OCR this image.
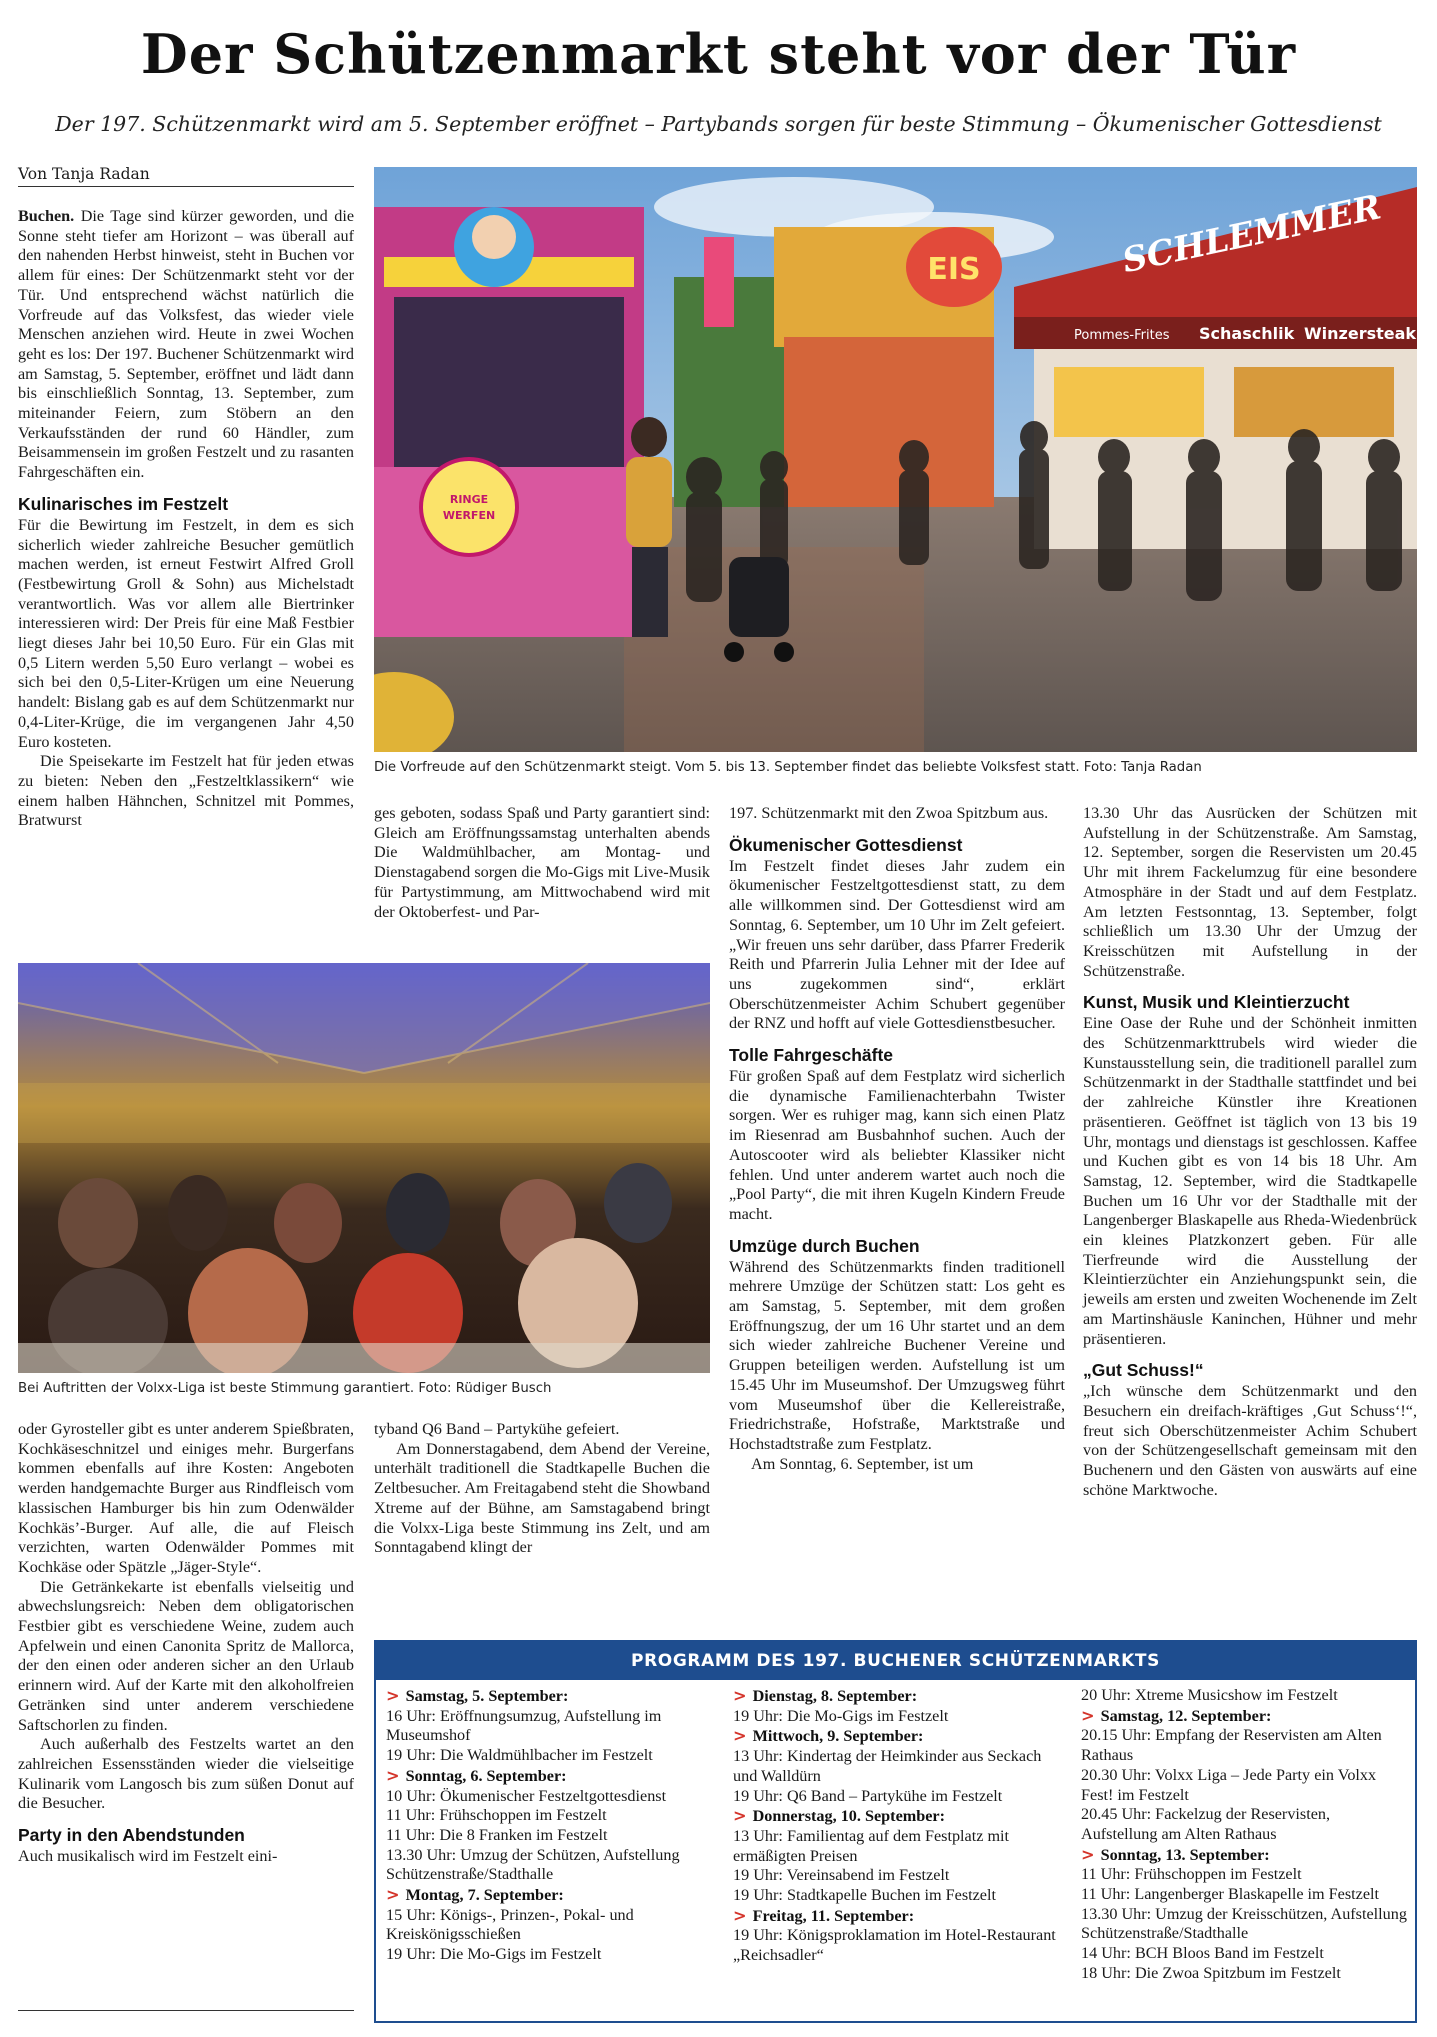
Der Schützenmarkt steht vor der Tür
Der 197. Schützenmarkt wird am 5. September eröffnet – Partybands sorgen für beste Stimmung – Ökumenischer Gottesdienst
Von Tanja Radan

Buchen. Die Tage sind kürzer geworden, und die Sonne steht tiefer am Horizont – was überall auf den nahenden Herbst hinweist, steht in Buchen vor allem für eines: Der Schützenmarkt steht vor der Tür. Und entsprechend wächst natürlich die Vorfreude auf das Volksfest, das wieder viele Menschen anziehen wird. Heute in zwei Wochen geht es los: Der 197. Buchener Schützenmarkt wird am Samstag, 5. September, eröffnet und lädt dann bis einschließlich Sonntag, 13. September, zum miteinander Feiern, zum Stöbern an den Verkaufsständen der rund 60 Händler, zum Beisammensein im großen Festzelt und zu rasanten Fahrgeschäften ein.

Kulinarisches im Festzelt

Für die Bewirtung im Festzelt, in dem es sich sicherlich wieder zahlreiche Besucher gemütlich machen werden, ist erneut Festwirt Alfred Groll (Festbewirtung Groll & Sohn) aus Michelstadt verantwortlich. Was vor allem alle Biertrinker interessieren wird: Der Preis für eine Maß Festbier liegt dieses Jahr bei 10,50 Euro. Für ein Glas mit 0,5 Litern werden 5,50 Euro verlangt – wobei es sich bei den 0,5-Liter-Krügen um eine Neuerung handelt: Bislang gab es auf dem Schützenmarkt nur 0,4-Liter-Krüge, die im vergangenen Jahr 4,50 Euro kosteten.

Die Speisekarte im Festzelt hat für jeden etwas zu bieten: Neben den „Festzeltklassikern“ wie einem halben Hähnchen, Schnitzel mit Pommes, Bratwurst

RINGE
WERFEN
EIS	SCHLEMMER
Pommes-Frites Schaschlik Winzersteak
Die Vorfreude auf den Schützenmarkt steigt. Vom 5. bis 13. September findet das beliebte Volksfest statt. Foto: Tanja Radan

ges geboten, sodass Spaß und Party garantiert sind: Gleich am Eröffnungssamstag unterhalten abends Die Waldmühlbacher, am Montag- und Dienstagabend sorgen die Mo-Gigs mit Live-Musik für Partystimmung, am Mittwochabend wird mit der Oktoberfest- und Par-

197. Schützenmarkt mit den Zwoa Spitzbum aus.

Ökumenischer Gottesdienst

Im Festzelt findet dieses Jahr zudem ein ökumenischer Festzeltgottesdienst statt, zu dem alle willkommen sind. Der Gottesdienst wird am Sonntag, 6. September, um 10 Uhr im Zelt gefeiert. „Wir freuen uns sehr darüber, dass Pfarrer Frederik Reith und Pfarrerin Julia Lehner mit der Idee auf uns zugekommen sind“, erklärt Oberschützenmeister Achim Schubert gegenüber der RNZ und hofft auf viele Gottesdienstbesucher.

Tolle Fahrgeschäfte

Für großen Spaß auf dem Festplatz wird sicherlich die dynamische Familienachterbahn Twister sorgen. Wer es ruhiger mag, kann sich einen Platz im Riesenrad am Busbahnhof suchen. Auch der Autoscooter wird als beliebter Klassiker nicht fehlen. Und unter anderem wartet auch noch die „Pool Party“, die mit ihren Kugeln Kindern Freude macht.

Umzüge durch Buchen

Während des Schützenmarkts finden traditionell mehrere Umzüge der Schützen statt: Los geht es am Samstag, 5. September, mit dem großen Eröffnungszug, der um 16 Uhr startet und an dem sich wieder zahlreiche Buchener Vereine und Gruppen beteiligen werden. Aufstellung ist um 15.45 Uhr im Museumshof. Der Umzugsweg führt vom Museumshof über die Kellereistraße, Friedrichstraße, Hofstraße, Marktstraße und Hochstadtstraße zum Festplatz.

Am Sonntag, 6. September, ist um

13.30 Uhr das Ausrücken der Schützen mit Aufstellung in der Schützenstraße. Am Samstag, 12. September, sorgen die Reservisten um 20.45 Uhr mit ihrem Fackelumzug für eine besondere Atmosphäre in der Stadt und auf dem Festplatz. Am letzten Festsonntag, 13. September, folgt schließlich um 13.30 Uhr der Umzug der Kreisschützen mit Aufstellung in der Schützenstraße.

Kunst, Musik und Kleintierzucht

Eine Oase der Ruhe und der Schönheit inmitten des Schützenmarkttrubels wird wieder die Kunstausstellung sein, die traditionell parallel zum Schützenmarkt in der Stadthalle stattfindet und bei der zahlreiche Künstler ihre Kreationen präsentieren. Geöffnet ist täglich von 13 bis 19 Uhr, montags und dienstags ist geschlossen. Kaffee und Kuchen gibt es von 14 bis 18 Uhr. Am Samstag, 12. September, wird die Stadtkapelle Buchen um 16 Uhr vor der Stadthalle mit der Langenberger Blaskapelle aus Rheda-Wiedenbrück ein kleines Platzkonzert geben. Für alle Tierfreunde wird die Ausstellung der Kleintierzüchter ein Anziehungspunkt sein, die jeweils am ersten und zweiten Wochenende im Zelt am Martinshäusle Kaninchen, Hühner und mehr präsentieren.

„Gut Schuss!“

„Ich wünsche dem Schützenmarkt und den Besuchern ein dreifach-kräftiges ‚Gut Schuss‘!“, freut sich Oberschützenmeister Achim Schubert von der Schützengesellschaft gemeinsam mit den Buchenern und den Gästen von auswärts auf eine schöne Marktwoche.

Bei Auftritten der Volxx-Liga ist beste Stimmung garantiert. Foto: Rüdiger Busch

oder Gyrosteller gibt es unter anderem Spießbraten, Kochkäseschnitzel und einiges mehr. Burgerfans kommen ebenfalls auf ihre Kosten: Angeboten werden handgemachte Burger aus Rindfleisch vom klassischen Hamburger bis hin zum Odenwälder Kochkäs’-Burger. Auf alle, die auf Fleisch verzichten, warten Odenwälder Pommes mit Kochkäse oder Spätzle „Jäger-Style“.

Die Getränkekarte ist ebenfalls vielseitig und abwechslungsreich: Neben dem obligatorischen Festbier gibt es verschiedene Weine, zudem auch Apfelwein und einen Canonita Spritz de Mallorca, der den einen oder anderen sicher an den Urlaub erinnern wird. Auf der Karte mit den alkoholfreien Getränken sind unter anderem verschiedene Saftschorlen zu finden.

Auch außerhalb des Festzelts wartet an den zahlreichen Essensständen wieder die vielseitige Kulinarik vom Langosch bis zum süßen Donut auf die Besucher.

Party in den Abendstunden

Auch musikalisch wird im Festzelt eini-

tyband Q6 Band – Partykühe gefeiert.

Am Donnerstagabend, dem Abend der Vereine, unterhält traditionell die Stadtkapelle Buchen die Zeltbesucher. Am Freitagabend steht die Showband Xtreme auf der Bühne, am Samstagabend bringt die Volxx-Liga beste Stimmung ins Zelt, und am Sonntagabend klingt der

PROGRAMM DES 197. BUCHENER SCHÜTZENMARKTS
> Samstag, 5. September:
16 Uhr: Eröffnungsumzug, Aufstellung im Museumshof
19 Uhr: Die Waldmühlbacher im Festzelt
> Sonntag, 6. September:
10 Uhr: Ökumenischer Festzeltgottesdienst
11 Uhr: Frühschoppen im Festzelt
11 Uhr: Die 8 Franken im Festzelt
13.30 Uhr: Umzug der Schützen, Aufstellung Schützenstraße/Stadthalle
> Montag, 7. September:
15 Uhr: Königs-, Prinzen-, Pokal- und Kreiskönigsschießen
19 Uhr: Die Mo-Gigs im Festzelt
> Dienstag, 8. September:
19 Uhr: Die Mo-Gigs im Festzelt
> Mittwoch, 9. September:
13 Uhr: Kindertag der Heimkinder aus Seckach und Walldürn
19 Uhr: Q6 Band – Partykühe im Festzelt
> Donnerstag, 10. September:
13 Uhr: Familientag auf dem Festplatz mit ermäßigten Preisen
19 Uhr: Vereinsabend im Festzelt
19 Uhr: Stadtkapelle Buchen im Festzelt
> Freitag, 11. September:
19 Uhr: Königsproklamation im Hotel-Restaurant „Reichsadler“
20 Uhr: Xtreme Musicshow im Festzelt
> Samstag, 12. September:
20.15 Uhr: Empfang der Reservisten am Alten Rathaus
20.30 Uhr: Volxx Liga – Jede Party ein Volxx Fest! im Festzelt
20.45 Uhr: Fackelzug der Reservisten, Aufstellung am Alten Rathaus
> Sonntag, 13. September:
11 Uhr: Frühschoppen im Festzelt
11 Uhr: Langenberger Blaskapelle im Festzelt
13.30 Uhr: Umzug der Kreisschützen, Aufstellung Schützenstraße/Stadthalle
14 Uhr: BCH Bloos Band im Festzelt
18 Uhr: Die Zwoa Spitzbum im Festzelt
